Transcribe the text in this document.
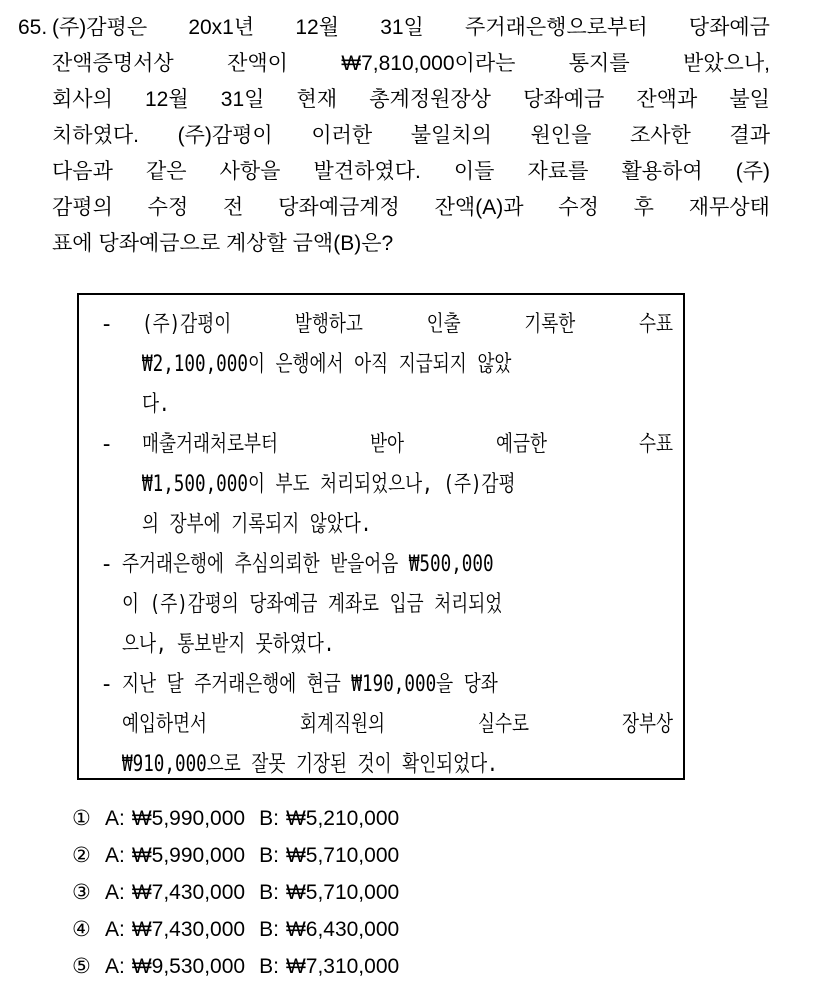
65. (주)감평은 20x1년 12월 31일 주거래은행으로부터 당좌예금
잔액증명서상	잔액이	₩7,810,000이라는	통지를	받았으나,
회사의 12월 31일 현재 총계정원장상 당좌예금 잔액과 불일
치하였다. (주)감평이 이러한 불일치의 원인을 조사한 결과
다음과 같은 사항을 발견하였다. 이들 자료를 활용하여 (주)
감평의 수정 전 당좌예금계정 잔액(A)과 수정 후 재무상태
표에 당좌예금으로 계상할 금액(B)은?
- (주)감평이	발행하고	인출	기록한	수표
₩2,100,000이 은행에서 아직 지급되지 않았
다.
- 매출거래처로부터	받아	예금한	수표
₩1,500,000이 부도 처리되었으나, (주)감평
의 장부에 기록되지 않았다.
- 주거래은행에 추심의뢰한 받을어음 ₩500,000
이 (주)감평의 당좌예금 계좌로 입금 처리되었
으나, 통보받지 못하였다.
- 지난 달 주거래은행에 현금 ₩190,000을 당좌
예입하면서	회계직원의	실수로	장부상
₩910,000으로 잘못 기장된 것이 확인되었다.
① A: ₩5,990,000 B: ₩5,210,000
② A: ₩5,990,000 B: ₩5,710,000
③ A: ₩7,430,000 B: ₩5,710,000
④ A: ₩7,430,000 B: ₩6,430,000
⑤ A: ₩9,530,000 B: ₩7,310,000
